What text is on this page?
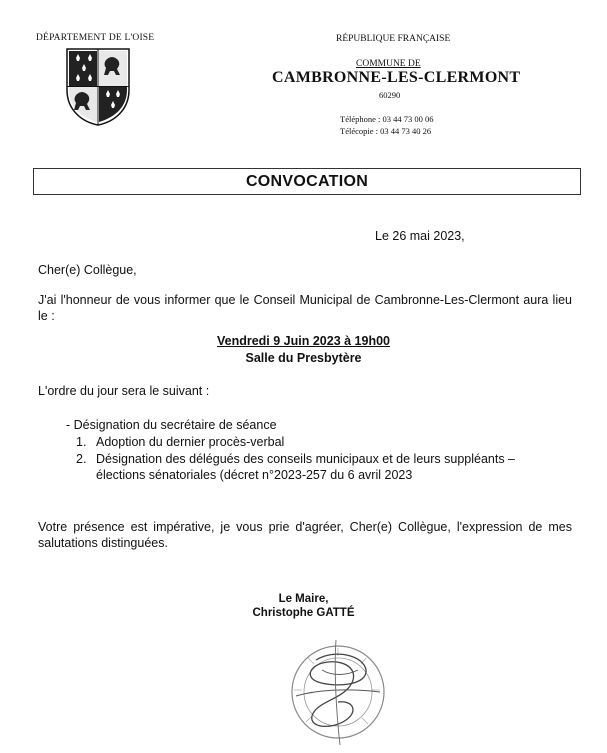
DÉPARTEMENT DE L'OISE	RÉPUBLIQUE FRANÇAISE
COMMUNE DE
CAMBRONNE-LES-CLERMONT
60290
Téléphone : 03 44 73 00 06
Télécopie : 03 44 73 40 26
CONVOCATION
Le 26 mai 2023,
Cher(e) Collègue,
J'ai l'honneur de vous informer que le Conseil Municipal de Cambronne-Les-Clermont aura lieu le :
Vendredi 9 Juin 2023 à 19h00
Salle du Presbytère
L'ordre du jour sera le suivant :
- Désignation du secrétaire de séance
1. Adoption du dernier procès-verbal
2. Désignation des délégués des conseils municipaux et de leurs suppléants – élections sénatoriales (décret n°2023-257 du 6 avril 2023
Votre présence est impérative, je vous prie d'agréer, Cher(e) Collègue, l'expression de mes salutations distinguées.
Le Maire,
Christophe GATTÉ
